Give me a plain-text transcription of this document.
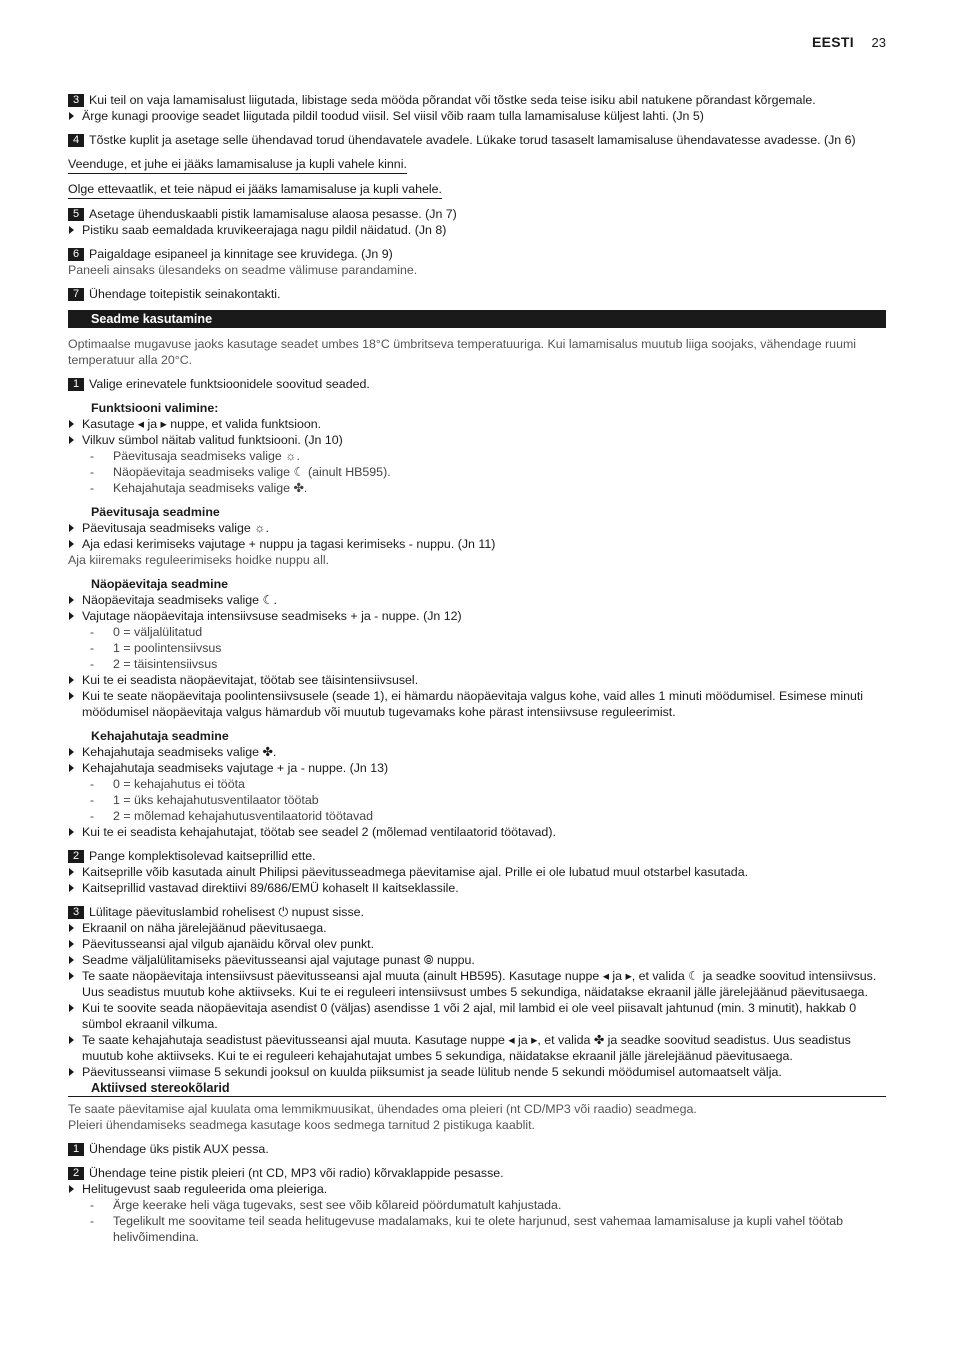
EESTI 23

3 Kui teil on vaja lamamisalust liigutada, libistage seda mööda põrandat või tõstke seda teise isiku abil natukene põrandast kõrgemale.

Ärge kunagi proovige seadet liigutada pildil toodud viisil. Sel viisil võib raam tulla lamamisaluse küljest lahti. (Jn 5)

4 Tõstke kuplit ja asetage selle ühendavad torud ühendavatele avadele. Lükake torud tasaselt lamamisaluse ühendavatesse avadesse. (Jn 6)

Veenduge, et juhe ei jääks lamamisaluse ja kupli vahele kinni.
Olge ettevaatlik, et teie näpud ei jääks lamamisaluse ja kupli vahele.

5 Asetage ühenduskaabli pistik lamamisaluse alaosa pesasse. (Jn 7)

Pistiku saab eemaldada kruvikeerajaga nagu pildil näidatud. (Jn 8)

6 Paigaldage esipaneel ja kinnitage see kruvidega. (Jn 9)

Paneeli ainsaks ülesandeks on seadme välimuse parandamine.

7 Ühendage toitepistik seinakontakti.

Seadme kasutamine

Optimaalse mugavuse jaoks kasutage seadet umbes 18°C ümbritseva temperatuuriga. Kui lamamisalus muutub liiga soojaks, vähendage ruumi temperatuur alla 20°C.

1 Valige erinevatele funktsioonidele soovitud seaded.

Funktsiooni valimine:

Kasutage ◂ ja ▸ nuppe, et valida funktsioon.

Vilkuv sümbol näitab valitud funktsiooni. (Jn 10)

- Päevitusaja seadmiseks valige ☼.

- Näopäevitaja seadmiseks valige ☾ (ainult HB595).

- Kehajahutaja seadmiseks valige ✤.

Päevitusaja seadmine

Päevitusaja seadmiseks valige ☼.

Aja edasi kerimiseks vajutage + nuppu ja tagasi kerimiseks - nuppu. (Jn 11)

Aja kiiremaks reguleerimiseks hoidke nuppu all.

Näopäevitaja seadmine

Näopäevitaja seadmiseks valige ☾.

Vajutage näopäevitaja intensiivsuse seadmiseks + ja - nuppe. (Jn 12)

- 0 = väljalülitatud

- 1 = poolintensiivsus

- 2 = täisintensiivsus

Kui te ei seadista näopäevitajat, töötab see täisintensiivsusel.

Kui te seate näopäevitaja poolintensiivsusele (seade 1), ei hämardu näopäevitaja valgus kohe, vaid alles 1 minuti möödumisel. Esimese minuti möödumisel näopäevitaja valgus hämardub või muutub tugevamaks kohe pärast intensiivsuse reguleerimist.

Kehajahutaja seadmine

Kehajahutaja seadmiseks valige ✤.

Kehajahutaja seadmiseks vajutage + ja - nuppe. (Jn 13)

- 0 = kehajahutus ei tööta

- 1 = üks kehajahutusventilaator töötab

- 2 = mõlemad kehajahutusventilaatorid töötavad

Kui te ei seadista kehajahutajat, töötab see seadel 2 (mõlemad ventilaatorid töötavad).

2 Pange komplektisolevad kaitseprillid ette.

Kaitseprille võib kasutada ainult Philipsi päevitusseadmega päevitamise ajal. Prille ei ole lubatud muul otstarbel kasutada.

Kaitseprillid vastavad direktiivi 89/686/EMÜ kohaselt II kaitseklassile.

3 Lülitage päevituslambid rohelisest ⏻ nupust sisse.

Ekraanil on näha järelejäänud päevitusaega.

Päevitusseansi ajal vilgub ajanäidu kõrval olev punkt.

Seadme väljalülitamiseks päevitusseansi ajal vajutage punast ⦾ nuppu.

Te saate näopäevitaja intensiivsust päevitusseansi ajal muuta (ainult HB595). Kasutage nuppe ◂ ja ▸, et valida ☾ ja seadke soovitud intensiivsus. Uus seadistus muutub kohe aktiivseks. Kui te ei reguleeri intensiivsust umbes 5 sekundiga, näidatakse ekraanil jälle järelejäänud päevitusaega.

Kui te soovite seada näopäevitaja asendist 0 (väljas) asendisse 1 või 2 ajal, mil lambid ei ole veel piisavalt jahtunud (min. 3 minutit), hakkab 0 sümbol ekraanil vilkuma.

Te saate kehajahutaja seadistust päevitusseansi ajal muuta. Kasutage nuppe ◂ ja ▸, et valida ✤ ja seadke soovitud seadistus. Uus seadistus muutub kohe aktiivseks. Kui te ei reguleeri kehajahutajat umbes 5 sekundiga, näidatakse ekraanil jälle järelejäänud päevitusaega.

Päevitusseansi viimase 5 sekundi jooksul on kuulda piiksumist ja seade lülitub nende 5 sekundi möödumisel automaatselt välja.

Aktiivsed stereokõlarid

Te saate päevitamise ajal kuulata oma lemmikmuusikat, ühendades oma pleieri (nt CD/MP3 või raadio) seadmega.

Pleieri ühendamiseks seadmega kasutage koos sedmega tarnitud 2 pistikuga kaablit.

1 Ühendage üks pistik AUX pessa.

2 Ühendage teine pistik pleieri (nt CD, MP3 või radio) kõrvaklappide pesasse.

Helitugevust saab reguleerida oma pleieriga.

- Ärge keerake heli väga tugevaks, sest see võib kõlareid pöördumatult kahjustada.

- Tegelikult me soovitame teil seada helitugevuse madalamaks, kui te olete harjunud, sest vahemaa lamamisaluse ja kupli vahel töötab helivõimendina.
